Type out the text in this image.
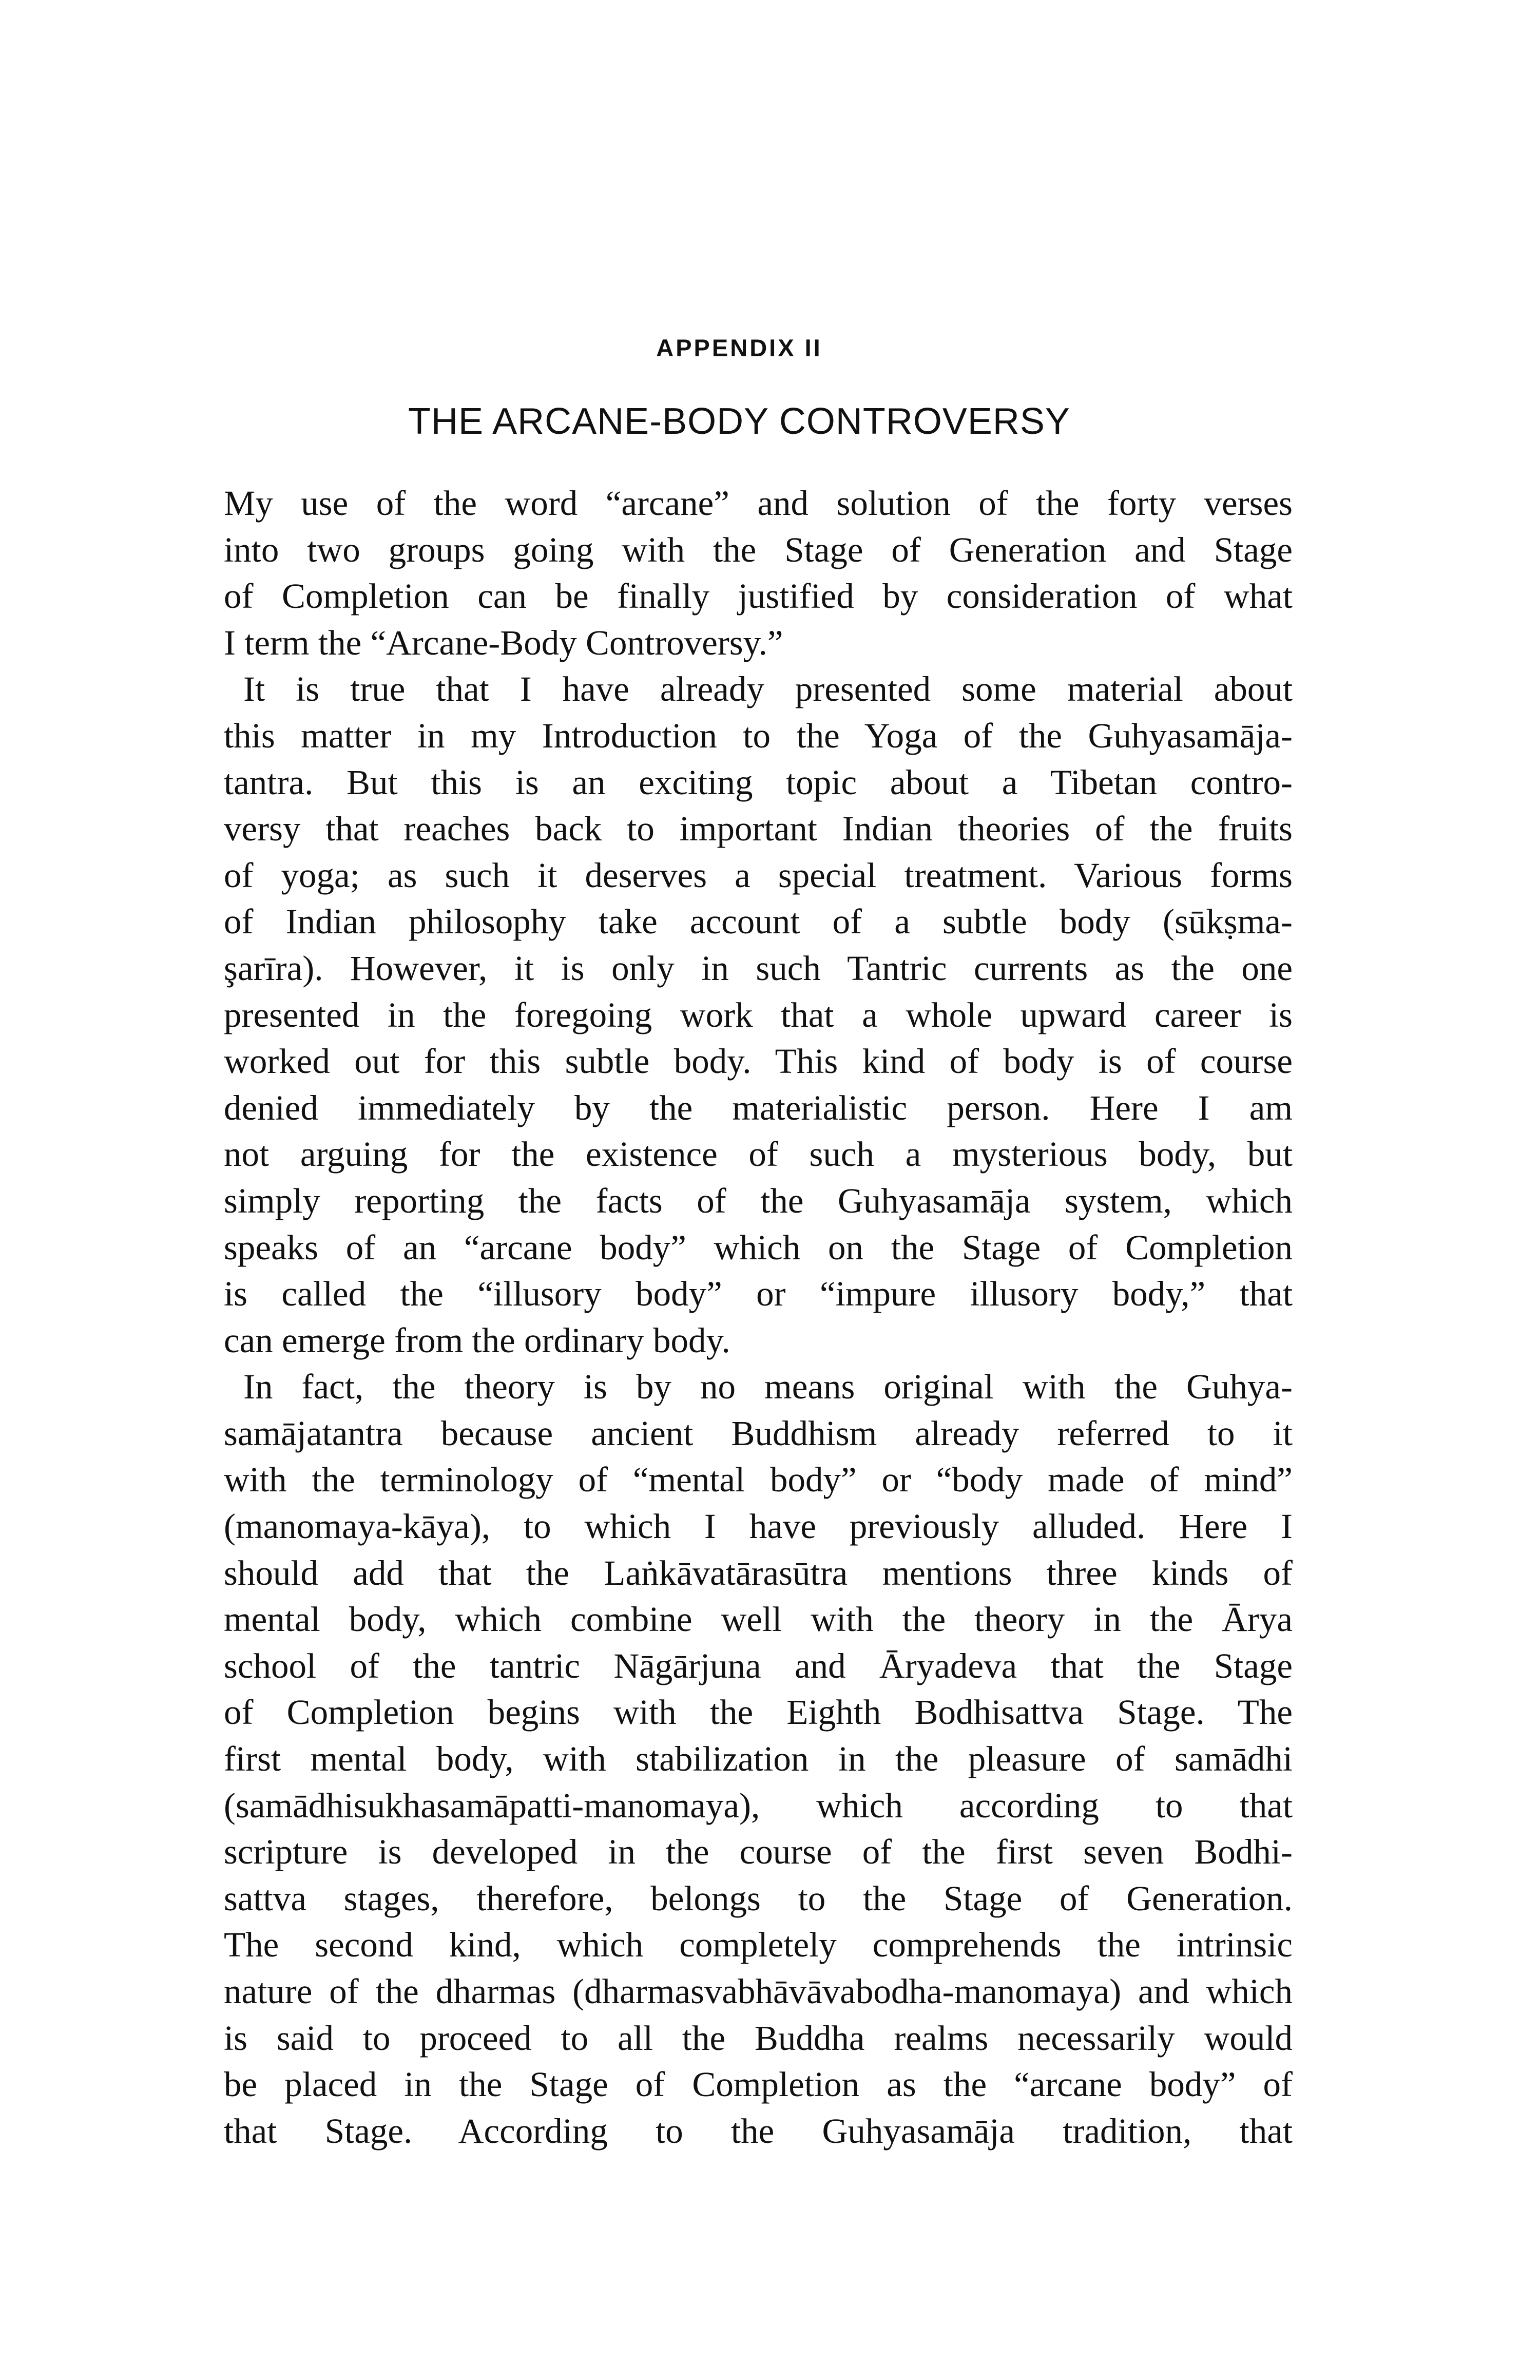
APPENDIX II
THE ARCANE-BODY CONTROVERSY
My use of the word “arcane” and solution of the forty verses
into two groups going with the Stage of Generation and Stage
of Completion can be finally justified by consideration of what
I term the “Arcane-Body Controversy.”
It is true that I have already presented some material about
this matter in my Introduction to the Yoga of the Guhyasamāja-
tantra. But this is an exciting topic about a Tibetan contro-
versy that reaches back to important Indian theories of the fruits
of yoga; as such it deserves a special treatment. Various forms
of Indian philosophy take account of a subtle body (sūkṣma-
şarīra). However, it is only in such Tantric currents as the one
presented in the foregoing work that a whole upward career is
worked out for this subtle body. This kind of body is of course
denied immediately by the materialistic person. Here I am
not arguing for the existence of such a mysterious body, but
simply reporting the facts of the Guhyasamāja system, which
speaks of an “arcane body” which on the Stage of Completion
is called the “illusory body” or “impure illusory body,” that
can emerge from the ordinary body.
In fact, the theory is by no means original with the Guhya-
samājatantra because ancient Buddhism already referred to it
with the terminology of “mental body” or “body made of mind”
(manomaya-kāya), to which I have previously alluded. Here I
should add that the Laṅkāvatārasūtra mentions three kinds of
mental body, which combine well with the theory in the Ārya
school of the tantric Nāgārjuna and Āryadeva that the Stage
of Completion begins with the Eighth Bodhisattva Stage. The
first mental body, with stabilization in the pleasure of samādhi
(samādhisukhasamāpatti-manomaya), which according to that
scripture is developed in the course of the first seven Bodhi-
sattva stages, therefore, belongs to the Stage of Generation.
The second kind, which completely comprehends the intrinsic
nature of the dharmas (dharmasvabhāvāvabodha-manomaya) and which
is said to proceed to all the Buddha realms necessarily would
be placed in the Stage of Completion as the “arcane body” of
that Stage. According to the Guhyasamāja tradition, that
